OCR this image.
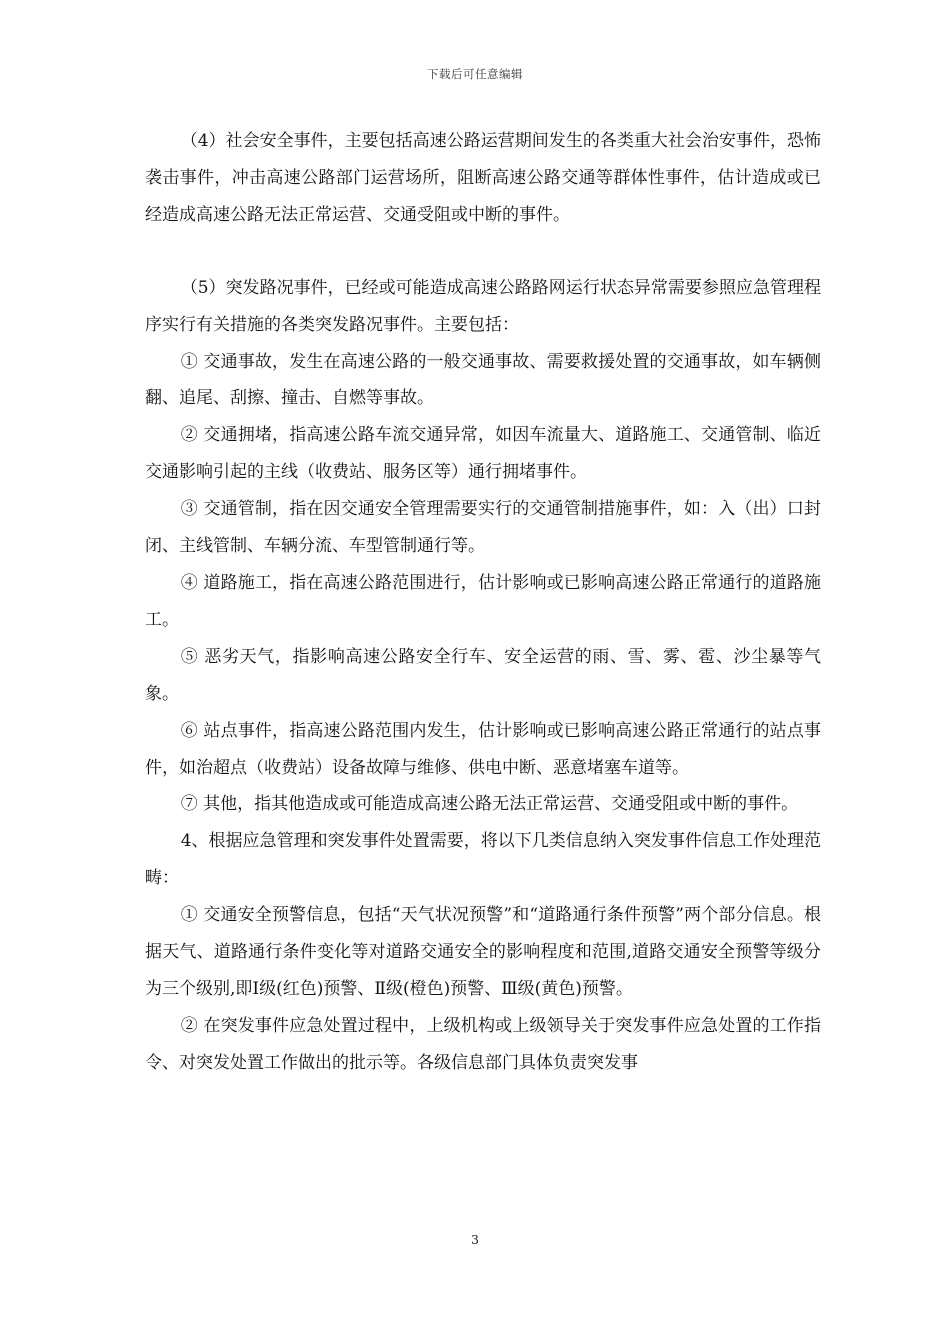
下载后可任意编辑

（4）社会安全事件，主要包括高速公路运营期间发生的各类重大社会治安事件，恐怖袭击事件，冲击高速公路部门运营场所，阻断高速公路交通等群体性事件，估计造成或已经造成高速公路无法正常运营、交通受阻或中断的事件。

（5）突发路况事件，已经或可能造成高速公路路网运行状态异常需要参照应急管理程序实行有关措施的各类突发路况事件。主要包括：

① 交通事故，发生在高速公路的一般交通事故、需要救援处置的交通事故，如车辆侧翻、追尾、刮擦、撞击、自燃等事故。

② 交通拥堵，指高速公路车流交通异常，如因车流量大、道路施工、交通管制、临近交通影响引起的主线（收费站、服务区等）通行拥堵事件。

③ 交通管制，指在因交通安全管理需要实行的交通管制措施事件，如：入（出）口封闭、主线管制、车辆分流、车型管制通行等。

④ 道路施工，指在高速公路范围进行，估计影响或已影响高速公路正常通行的道路施工。

⑤ 恶劣天气，指影响高速公路安全行车、安全运营的雨、雪、雾、雹、沙尘暴等气象。

⑥ 站点事件，指高速公路范围内发生，估计影响或已影响高速公路正常通行的站点事件，如治超点（收费站）设备故障与维修、供电中断、恶意堵塞车道等。

⑦ 其他，指其他造成或可能造成高速公路无法正常运营、交通受阻或中断的事件。

4、根据应急管理和突发事件处置需要，将以下几类信息纳入突发事件信息工作处理范畴：

① 交通安全预警信息，包括“天气状况预警”和“道路通行条件预警”两个部分信息。根据天气、道路通行条件变化等对道路交通安全的影响程度和范围,道路交通安全预警等级分为三个级别,即Ⅰ级(红色)预警、Ⅱ级(橙色)预警、Ⅲ级(黄色)预警。

② 在突发事件应急处置过程中，上级机构或上级领导关于突发事件应急处置的工作指令、对突发处置工作做出的批示等。各级信息部门具体负责突发事

3
